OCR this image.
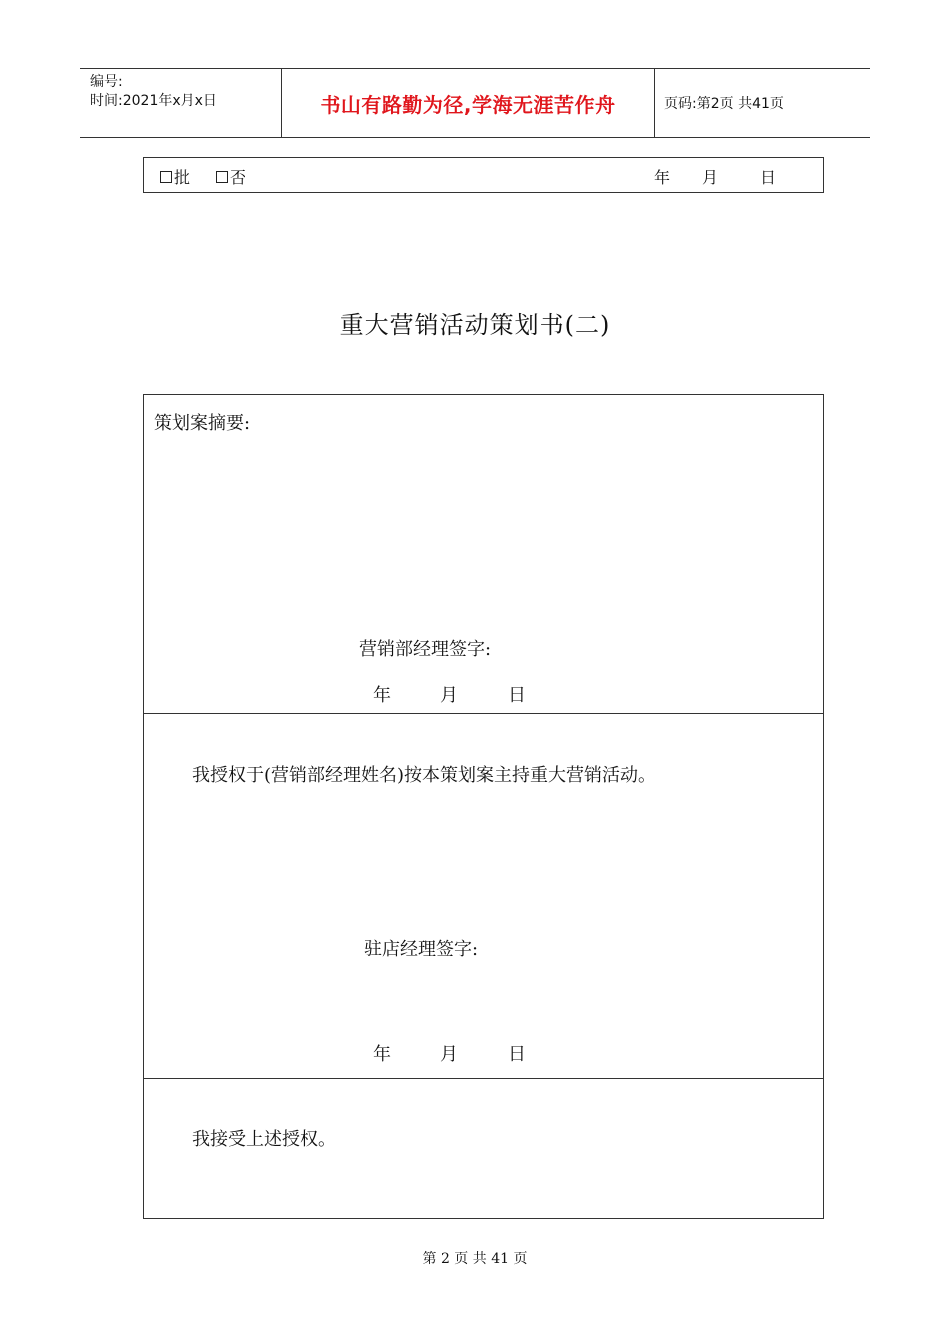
编号:
时间:2021年x月x日	书山有路勤为径,学海无涯苦作舟	页码:第2页 共41页
批	否	年 月	日
重大营销活动策划书(二)
策划案摘要:
营销部经理签字:
年	月	日
我授权于(营销部经理姓名)按本策划案主持重大营销活动。
驻店经理签字:
年	月	日
我接受上述授权。
第 2 页 共 41 页
